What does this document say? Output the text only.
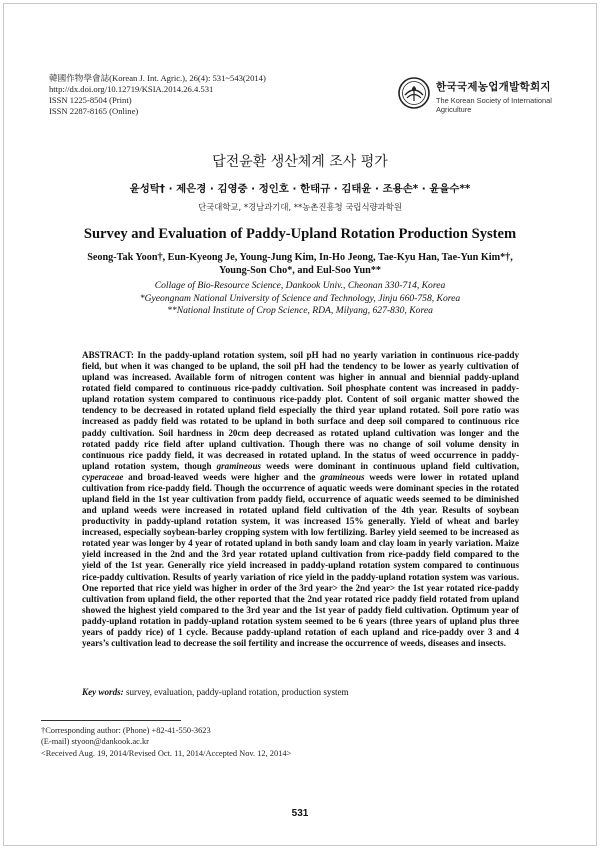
韓國作物學會誌(Korean J. Int. Agric.), 26(4): 531~543(2014)
http://dx.doi.org/10.12719/KSIA.2014.26.4.531
ISSN 1225-8504 (Print)
ISSN 2287-8165 (Online)
한국국제농업개발학회지
The Korean Society of International Agriculture
답전윤환 생산체계 조사 평가
윤성탁† · 제은경 · 김영중 · 정인호 · 한태규 · 김태윤 · 조용손* · 윤을수**
단국대학교, *경남과기대, **농촌진흥청 국립식량과학원
Survey and Evaluation of Paddy-Upland Rotation Production System
Seong-Tak Yoon†, Eun-Kyeong Je, Young-Jung Kim, In-Ho Jeong, Tae-Kyu Han, Tae-Yun Kim*†,
Young-Son Cho*, and Eul-Soo Yun**
Collage of Bio-Resource Science, Dankook Univ., Cheonan 330-714, Korea
*Gyeongnam National University of Science and Technology, Jinju 660-758, Korea
**National Institute of Crop Science, RDA, Milyang, 627-830, Korea

ABSTRACT: In the paddy-upland rotation system, soil pH had no yearly variation in continuous rice-paddy field, but when it was changed to be upland, the soil pH had the tendency to be lower as yearly cultivation of upland was increased. Available form of nitrogen content was higher in annual and biennial paddy-upland rotated field compared to continuous rice-paddy cultivation. Soil phosphate content was increased in paddy-upland rotation system compared to continuous rice-paddy plot. Content of soil organic matter showed the tendency to be decreased in rotated upland field especially the third year upland rotated. Soil pore ratio was increased as paddy field was rotated to be upland in both surface and deep soil compared to continuous rice paddy cultivation. Soil hardness in 20cm deep decreased as rotated upland cultivation was longer and the rotated paddy rice field after upland cultivation. Though there was no change of soil volume density in continuous rice paddy field, it was decreased in rotated upland. In the status of weed occurrence in paddy-upland rotation system, though gramineous weeds were dominant in continuous upland field cultivation, cyperaceae and broad-leaved weeds were higher and the gramineous weeds were lower in rotated upland cultivation from rice-paddy field. Though the occurrence of aquatic weeds were dominant species in the rotated upland field in the 1st year cultivation from paddy field, occurrence of aquatic weeds seemed to be diminished and upland weeds were increased in rotated upland field cultivation of the 4th year. Results of soybean productivity in paddy-upland rotation system, it was increased 15% generally. Yield of wheat and barley increased, especially soybean-barley cropping system with low fertilizing. Barley yield seemed to be increased as rotated year was longer by 4 year of rotated upland in both sandy loam and clay loam in yearly variation. Maize yield increased in the 2nd and the 3rd year rotated upland cultivation from rice-paddy field compared to the yield of the 1st year. Generally rice yield increased in paddy-upland rotation system compared to continuous rice-paddy cultivation. Results of yearly variation of rice yield in the paddy-upland rotation system was various. One reported that rice yield was higher in order of the 3rd year> the 2nd year> the 1st year rotated rice-paddy cultivation from upland field, the other reported that the 2nd year rotated rice paddy field rotated from upland showed the highest yield compared to the 3rd year and the 1st year of paddy field cultivation. Optimum year of paddy-upland rotation in paddy-upland rotation system seemed to be 6 years (three years of upland plus three years of paddy rice) of 1 cycle. Because paddy-upland rotation of each upland and rice-paddy over 3 and 4 years’s cultivation lead to decrease the soil fertility and increase the occurrence of weeds, diseases and insects.

Key words: survey, evaluation, paddy-upland rotation, production system
†Corresponding author: (Phone) +82-41-550-3623
(E-mail) styoon@dankook.ac.kr
<Received Aug. 19, 2014/Revised Oct. 11, 2014/Accepted Nov. 12, 2014>
531
